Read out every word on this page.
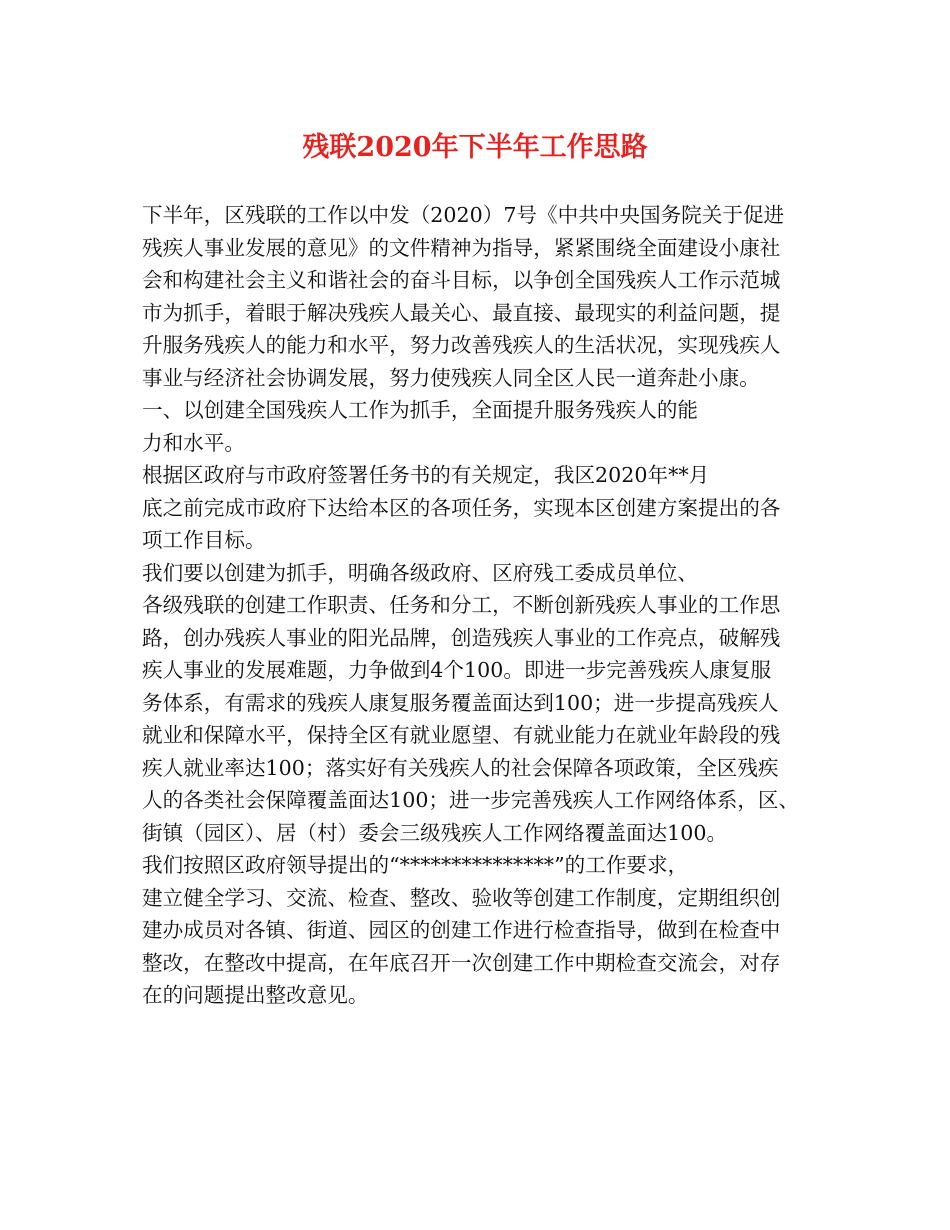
残联2020年下半年工作思路

下半年，区残联的工作以中发（2020）7号《中共中央国务院关于促进
残疾人事业发展的意见》的文件精神为指导，紧紧围绕全面建设小康社
会和构建社会主义和谐社会的奋斗目标，以争创全国残疾人工作示范城
市为抓手，着眼于解决残疾人最关心、最直接、最现实的利益问题，提
升服务残疾人的能力和水平，努力改善残疾人的生活状况，实现残疾人
事业与经济社会协调发展，努力使残疾人同全区人民一道奔赴小康。

一、以创建全国残疾人工作为抓手，全面提升服务残疾人的能
力和水平。

根据区政府与市政府签署任务书的有关规定，我区2020年**月
底之前完成市政府下达给本区的各项任务，实现本区创建方案提出的各
项工作目标。

我们要以创建为抓手，明确各级政府、区府残工委成员单位、
各级残联的创建工作职责、任务和分工，不断创新残疾人事业的工作思
路，创办残疾人事业的阳光品牌，创造残疾人事业的工作亮点，破解残
疾人事业的发展难题，力争做到4个100。即进一步完善残疾人康复服
务体系，有需求的残疾人康复服务覆盖面达到100；进一步提高残疾人
就业和保障水平，保持全区有就业愿望、有就业能力在就业年龄段的残
疾人就业率达100；落实好有关残疾人的社会保障各项政策，全区残疾
人的各类社会保障覆盖面达100；进一步完善残疾人工作网络体系，区、
街镇（园区）、居（村）委会三级残疾人工作网络覆盖面达100。

我们按照区政府领导提出的“***************”的工作要求，
建立健全学习、交流、检查、整改、验收等创建工作制度，定期组织创
建办成员对各镇、街道、园区的创建工作进行检查指导，做到在检查中
整改，在整改中提高，在年底召开一次创建工作中期检查交流会，对存
在的问题提出整改意见。
